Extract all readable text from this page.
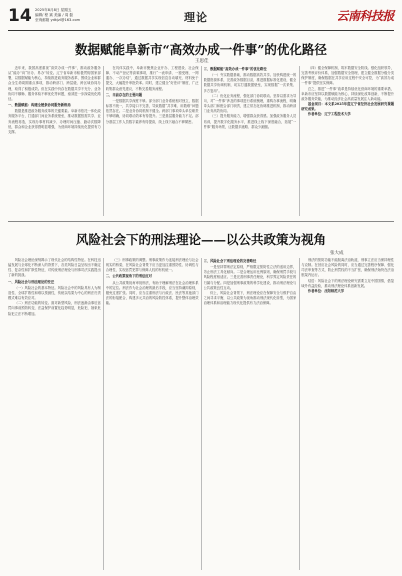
14 2025年8月8日 星期五
编辑/ 程 斌 美编 / 周 磊
至询邮箱 ydkjzl@163.com	理论	云南科技报
数据赋能阜新市“高效办成一件事”的优化路径
王思佳
风险社会下的刑法理论——以公共政策为视角
张大成

近年来，我国高度重视“高效办成一件事”，推动政务服务从“能办”向“好办、易办”转变。辽宁省阜新市积极贯彻国家部署，以数据赋能为核心，持续推进政务服务改革，围绕企业和群众全生命周期重点事项，推动跨部门、跨层级、跨区域协同办理，取得了积极成效。但在实践中仍存在数据共享不充分、业务协同不顺畅、服务体验不够优化等问题，亟须进一步探索优化路径。

一、数据赋能：构建全链条协同服务新格局

数据是推进政务服务改革的关键要素。阜新市依托一体化政务服务平台，打通部门间业务系统壁垒，推动数据按需共享、业务流程再造，实现办事材料减少、办理时间压缩、跑动次数降低，群众和企业获得感明显增强，为营商环境持续优化提供有力支撑。

在具体实践中，阜新市聚焦企业开办、工程建设、社会保障、不动产登记等高频事项，推行“一表申请、一窗受理、一网通办、一次办结”，通过数据共享实现信息自动填充、材料免于提交，大幅提升审批效率。同时，建立健全“好差评”制度，广泛收集群众意见建议，不断完善服务流程。

二、当前存在的主要问题

一是数据共享深度不够。部分部门业务系统相对独立，数据标准不统一，共享接口不完善，导致数据“共享难、用数难”问题依然存在。二是业务协同机制不健全。跨部门事项牵头单位职责不够明确，协同联动效率有待提升。三是基层服务能力不足。部分基层工作人员数字素养有待提高，线上线下融合不够紧密。

三、数据赋能“高效办成一件事”的优化路径

（一）夯实数据基础，推动数据高效共享。加快构建统一的数据资源体系，完善政务数据目录，推进数据标准化建设，健全数据共享协调机制，切实打通数据壁垒，实现数据“一次采集、多方复用”。

（二）优化业务流程，强化部门协同联动。坚持以需求为导向，对“一件事”涉及的事项进行系统梳理，重构办事流程，明确牵头部门和配合部门职责，建立常态化协调推进机制，推动跨部门业务高效协同。

（三）提升服务能力，增强群众获得感。加强政务服务人员培训，提升数字化服务水平，推进线上线下深度融合，拓展“一件事”服务场景，让数据多跑路、群众少跑腿。

（四）健全保障机制，筑牢数据安全防线。强化组织领导，完善考核评价体系，加强数据安全管理，建立健全数据分级分类保护制度，确保数据在共享应用过程中安全可控，为“高效办成一件事”提供坚实保障。

总之，推进“一件事”改革是持续优化营商环境的重要举措，阜新市应坚持以数据赋能为核心，持续深化改革创新，不断提升政务服务效能，为推动经济社会高质量发展注入新动能。

基金项目：本文系2025年度辽宁省经济社会发展研究课题研究成果。

作者单位：辽宁工程技术大学

风险社会理论深刻揭示了现代社会的结构性特征。在科技迅猛发展与全球化不断深入的背景下，各类风险日益呈现出不确定性、复杂性和扩散性特征，对传统刑法理论与刑事司法实践提出了新的挑战。

一、风险社会与刑法理论的变迁

（一）风险社会的基本特征。风险社会中的风险具有人为制造性、全球扩散性和难以预测性，传统以结果为中心的刑法归责模式难以有效应对。

（二）刑法功能的转变。面对新型风险，刑法逐渐由事后惩罚向事前预防转变，法益保护前置化趋势明显，危险犯、抽象危险犯立法不断增加。

（三）刑事政策的调整。刑事政策作为连接刑法理论与社会现实的桥梁，在风险社会背景下应当更加注重预防性、协调性与合理性，实现惩罚犯罪与保障人权的有机统一。

二、公共政策视角下的刑法应对

从公共政策视角审视刑法，有助于理解刑法在社会治理体系中的定位。刑法作为社会治理的最后手段，应当坚持谦抑原则，避免过度扩张。同时，应当注重刑法与行政法、民法等其他部门法的衔接配合，构建多元共治的风险防控体系，提升整体治理效能。

三、风险社会下刑法理论的完善路径

一是坚持罪刑法定原则，严格限定预防性立法的适用边界，防止刑法工具化倾向。二是合理运用比例原则，确保刑罚手段与风险程度相适应。三是完善刑事责任理论，科学界定风险责任的归属与分配。四是加强刑事政策的科学化建设，推动刑法理论与公共政策良性互动。

综上，风险社会背景下，刑法理论应在保障安全与维护自由之间寻求平衡，以公共政策为视角推动刑法现代化转型，为国家治理体系和治理能力现代化提供有力法治保障。

刑法的预防功能不能脱离法治轨道，刑事立法应当保持理性与克制。在回应社会风险的同时，应当通过完善程序保障、强化司法审查等方式，防止刑罚权的不当扩张，确保刑法始终在法治框架内运行。

结语：风险社会下的刑法理论研究需要立足中国国情，借鉴域外有益经验，推动刑法理论体系创新发展。

作者单位：沈阳师范大学
